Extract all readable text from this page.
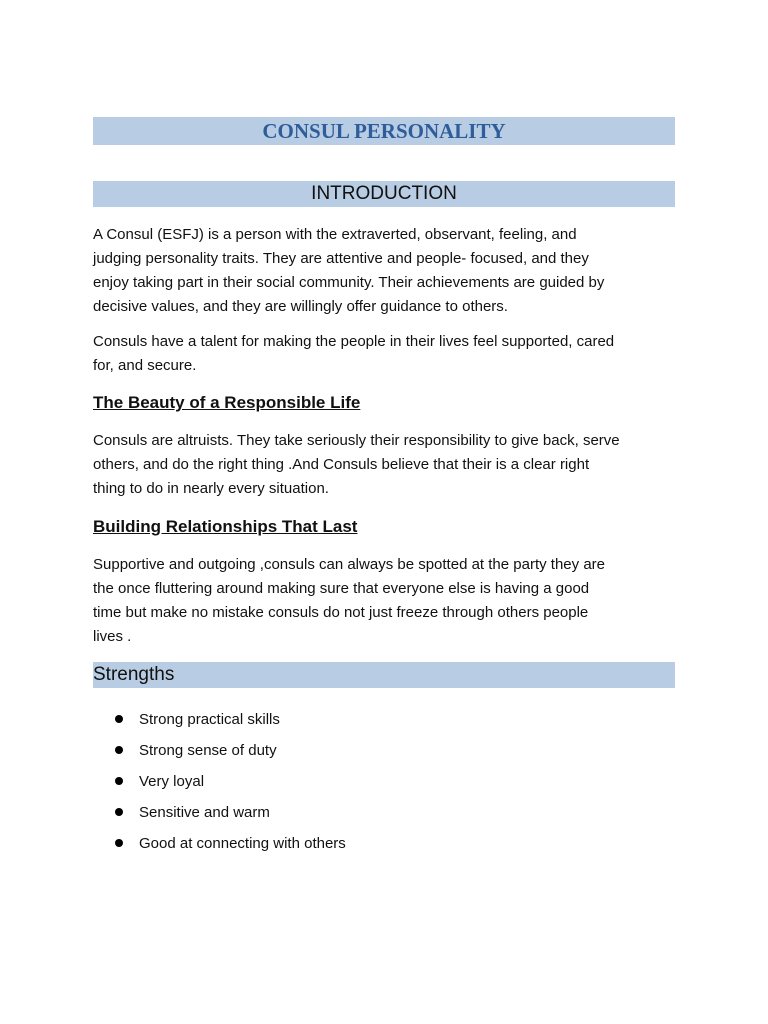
CONSUL PERSONALITY
INTRODUCTION
A Consul (ESFJ) is a person with the extraverted, observant, feeling, and
judging personality traits. They are attentive and people- focused, and they
enjoy taking part in their social community. Their achievements are guided by
decisive values, and they are willingly offer guidance to others.
Consuls have a talent for making the people in their lives feel supported, cared
for, and secure.
The Beauty of a Responsible Life
Consuls are altruists. They take seriously their responsibility to give back, serve
others, and do the right thing .And Consuls believe that their is a clear right
thing to do in nearly every situation.
Building Relationships That Last
Supportive and outgoing ,consuls can always be spotted at the party they are
the once fluttering around making sure that everyone else is having a good
time but make no mistake consuls do not just freeze through others people
lives .
Strengths
Strong practical skills
Strong sense of duty
Very loyal
Sensitive and warm
Good at connecting with others
